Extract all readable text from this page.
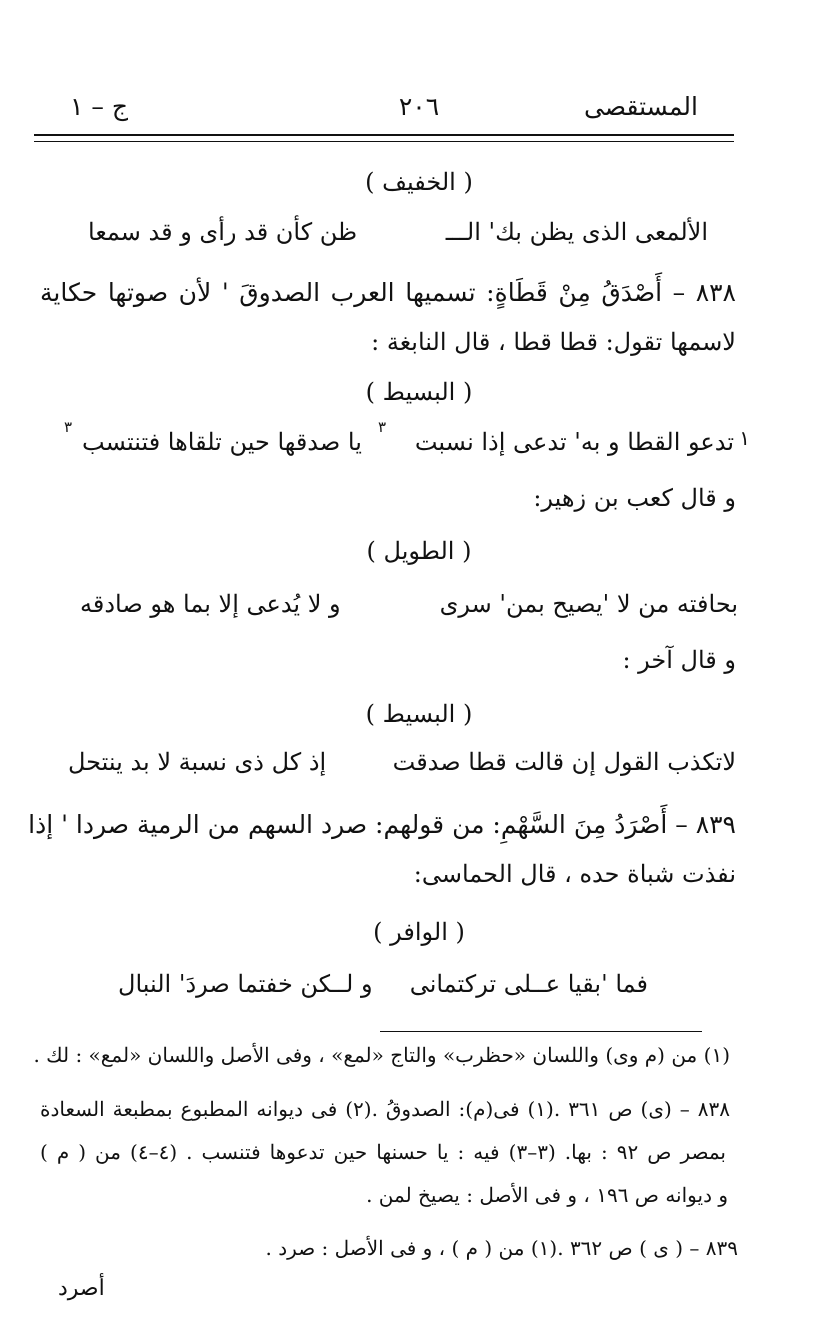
المستقصى
٢٠٦
ج – ١
( الخفيف )
الألمعى الذى يظن بك' الـــ
ظن كأن قد رأى و قد سمعا
٨٣٨ – أَصْدَقُ مِنْ قَطَاةٍ: تسميها العرب الصدوقَ ' لأن صوتها حكاية
لاسمها تقول: قطا قطا ، قال النابغة :
( البسيط )
١
تدعو القطا و به' تدعى إذا نسبت
٣
يا صدقها حين تلقاها فتنتسب
٣
و قال كعب بن زهير:
( الطويل )
بحافته من لا 'يصيح بمن' سرى
و لا يُدعى إلا بما هو صادقه
و قال آخر :
( البسيط )
لاتكذب القول إن قالت قطا صدقت
إذ كل ذى نسبة لا بد ينتحل
٨٣٩ – أَصْرَدُ مِنَ السَّهْمِ: من قولهم: صرد السهم من الرمية صردا ' إذا
نفذت شباة حده ، قال الحماسى:
( الوافر )
فما 'بقيا عــلى تركتمانى
و لــكن خفتما صردَ' النبال
(١) من (م وى) واللسان «حظرب» والتاج «لمع» ، وفى الأصل واللسان «لمع» : لك .
٨٣٨ – (ى) ص ٣٦١ .(١) فى(م): الصدوقُ .(٢) فى ديوانه المطبوع بمطبعة السعادة
بمصر ص ٩٢ : بها. (٣–٣) فيه : يا حسنها حين تدعوها فتنسب . (٤–٤) من ( م )
و ديوانه ص ١٩٦ ، و فى الأصل : يصيخ لمن .
٨٣٩ – ( ى ) ص ٣٦٢ .(١) من ( م ) ، و فى الأصل : صرد .
أصرد
